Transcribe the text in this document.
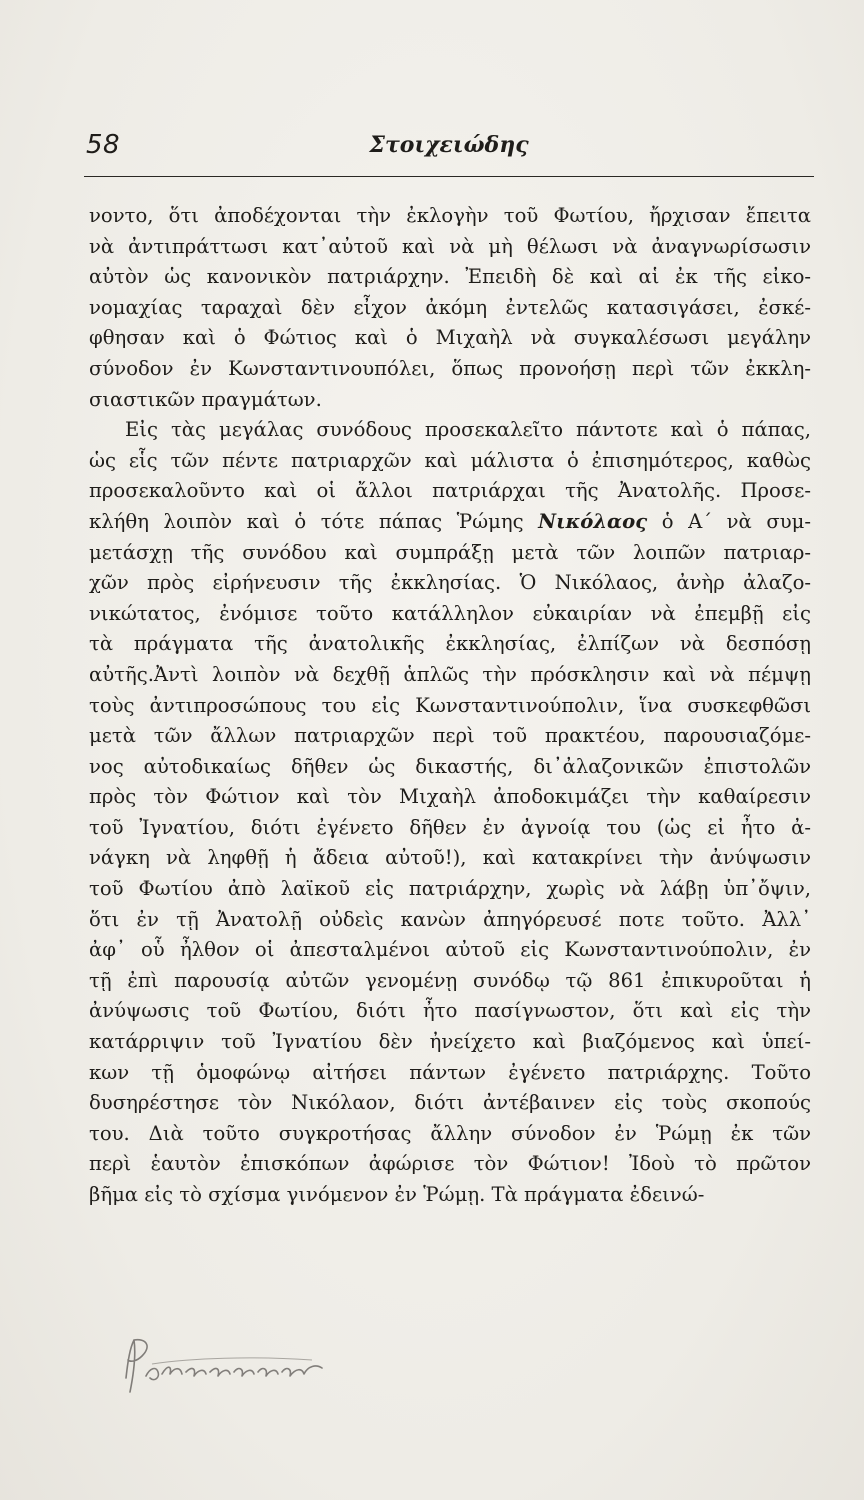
58	Στοιχειώδης
νοντο, ὅτι ἀποδέχονται τὴν ἐκλογὴν τοῦ Φωτίου, ἤρχισαν ἔπειτα
νὰ ἀντιπράττωσι κατ᾽αὐτοῦ καὶ νὰ μὴ θέλωσι νὰ ἀναγνωρίσωσιν
αὐτὸν ὡς κανονικὸν πατριάρχην. Ἐπειδὴ δὲ καὶ αἱ ἐκ τῆς εἰκο-
νομαχίας ταραχαὶ δὲν εἶχον ἀκόμη ἐντελῶς κατασιγάσει, ἐσκέ-
φθησαν καὶ ὁ Φώτιος καὶ ὁ Μιχαὴλ νὰ συγκαλέσωσι μεγάλην
σύνοδον ἐν Κωνσταντινουπόλει, ὅπως προνοήσῃ περὶ τῶν ἐκκλη-
σιαστικῶν πραγμάτων.
Εἰς τὰς μεγάλας συνόδους προσεκαλεῖτο πάντοτε καὶ ὁ πάπας,
ὡς εἷς τῶν πέντε πατριαρχῶν καὶ μάλιστα ὁ ἐπισημότερος, καθὼς
προσεκαλοῦντο καὶ οἱ ἄλλοι πατριάρχαι τῆς Ἀνατολῆς. Προσε-
κλήθη λοιπὸν καὶ ὁ τότε πάπας Ῥώμης Νικόλαος ὁ Α΄ νὰ συμ-
μετάσχῃ τῆς συνόδου καὶ συμπράξῃ μετὰ τῶν λοιπῶν πατριαρ-
χῶν πρὸς εἰρήνευσιν τῆς ἐκκλησίας. Ὁ Νικόλαος, ἀνὴρ ἀλαζο-
νικώτατος, ἐνόμισε τοῦτο κατάλληλον εὐκαιρίαν νὰ ἐπεμβῇ εἰς
τὰ πράγματα τῆς ἀνατολικῆς ἐκκλησίας, ἐλπίζων νὰ δεσπόσῃ
αὐτῆς.Ἀντὶ λοιπὸν νὰ δεχθῇ ἁπλῶς τὴν πρόσκλησιν καὶ νὰ πέμψῃ
τοὺς ἀντιπροσώπους του εἰς Κωνσταντινούπολιν, ἵνα συσκεφθῶσι
μετὰ τῶν ἄλλων πατριαρχῶν περὶ τοῦ πρακτέου, παρουσιαζόμε-
νος αὐτοδικαίως δῆθεν ὡς δικαστής, δι᾽ἀλαζονικῶν ἐπιστολῶν
πρὸς τὸν Φώτιον καὶ τὸν Μιχαὴλ ἀποδοκιμάζει τὴν καθαίρεσιν
τοῦ Ἰγνατίου, διότι ἐγένετο δῆθεν ἐν ἀγνοίᾳ του (ὡς εἰ ἦτο ἀ-
νάγκη νὰ ληφθῇ ἡ ἄδεια αὐτοῦ!), καὶ κατακρίνει τὴν ἀνύψωσιν
τοῦ Φωτίου ἀπὸ λαϊκοῦ εἰς πατριάρχην, χωρὶς νὰ λάβῃ ὑπ᾽ὄψιν,
ὅτι ἐν τῇ Ἀνατολῇ οὐδεὶς κανὼν ἀπηγόρευσέ ποτε τοῦτο. Ἀλλ᾽
ἀφ᾽ οὗ ἦλθον οἱ ἀπεσταλμένοι αὐτοῦ εἰς Κωνσταντινούπολιν, ἐν
τῇ ἐπὶ παρουσίᾳ αὐτῶν γενομένῃ συνόδῳ τῷ 861 ἐπικυροῦται ἡ
ἀνύψωσις τοῦ Φωτίου, διότι ἦτο πασίγνωστον, ὅτι καὶ εἰς τὴν
κατάρριψιν τοῦ Ἰγνατίου δὲν ἠνείχετο καὶ βιαζόμενος καὶ ὑπεί-
κων τῇ ὁμοφώνῳ αἰτήσει πάντων ἐγένετο πατριάρχης. Τοῦτο
δυσηρέστησε τὸν Νικόλαον, διότι ἀντέβαινεν εἰς τοὺς σκοπούς
του. Διὰ τοῦτο συγκροτήσας ἄλλην σύνοδον ἐν Ῥώμῃ ἐκ τῶν
περὶ ἑαυτὸν ἐπισκόπων ἀφώρισε τὸν Φώτιον! Ἰδοὺ τὸ πρῶτον
βῆμα εἰς τὸ σχίσμα γινόμενον ἐν Ῥώμῃ. Τὰ πράγματα ἐδεινώ-
